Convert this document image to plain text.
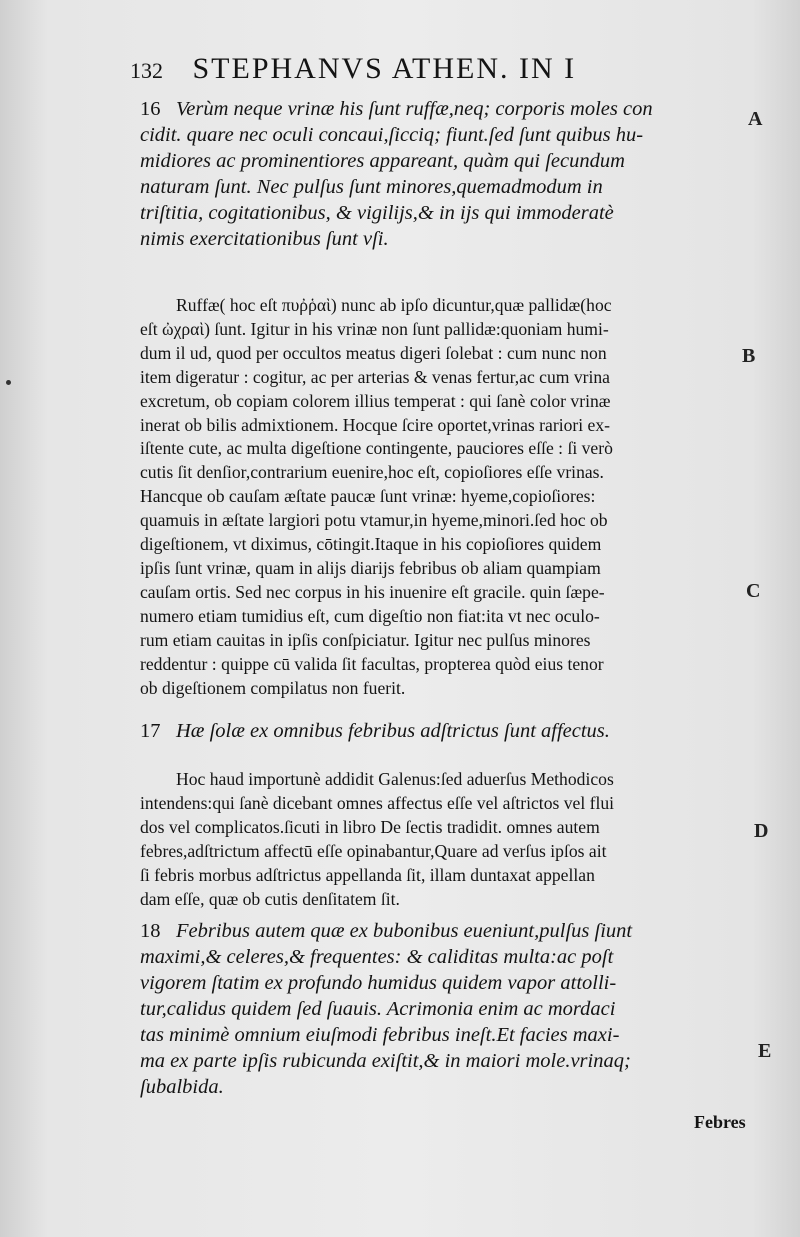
132 STEPHANVS ATHEN. IN I
16 Verùm neque vrinæ his ſunt ruffæ,neq; corporis moles con
cidit. quare nec oculi concaui,ſicciq; fiunt.ſed ſunt quibus hu-
midiores ac prominentiores appareant, quàm qui ſecundum
naturam ſunt. Nec pulſus ſunt minores,quemadmodum in
triſtitia, cogitationibus, & vigilijs,& in ijs qui immoderatè
nimis exercitationibus ſunt vſi.
Ruffæ( hoc eſt πυῤῥαὶ) nunc ab ipſo dicuntur,quæ pallidæ(hoc
eſt ὠχραὶ) ſunt. Igitur in his vrinæ non ſunt pallidæ:quoniam humi-
dum il ud, quod per occultos meatus digeri ſolebat : cum nunc non
item digeratur : cogitur, ac per arterias & venas fertur,ac cum vrina
excretum, ob copiam colorem illius temperat : qui ſanè color vrinæ
inerat ob bilis admixtionem. Hocque ſcire oportet,vrinas rariori ex-
iſtente cute, ac multa digeſtione contingente, pauciores eſſe : ſi verò
cutis ſit denſior,contrarium euenire,hoc eſt, copioſiores eſſe vrinas.
Hancque ob cauſam æſtate paucæ ſunt vrinæ: hyeme,copioſiores:
quamuis in æſtate largiori potu vtamur,in hyeme,minori.ſed hoc ob
digeſtionem, vt diximus, cōtingit.Itaque in his copioſiores quidem
ipſis ſunt vrinæ, quam in alijs diarijs febribus ob aliam quampiam
cauſam ortis. Sed nec corpus in his inuenire eſt gracile. quin ſæpe-
numero etiam tumidius eſt, cum digeſtio non fiat:ita vt nec oculo-
rum etiam cauitas in ipſis conſpiciatur. Igitur nec pulſus minores
reddentur : quippe cū valida ſit facultas, propterea quòd eius tenor
ob digeſtionem compilatus non fuerit.
17 Hæ ſolæ ex omnibus febribus adſtrictus ſunt affectus.
Hoc haud importunè addidit Galenus:ſed aduerſus Methodicos
intendens:qui ſanè dicebant omnes affectus eſſe vel aſtrictos vel flui
dos vel complicatos.ſicuti in libro De ſectis tradidit. omnes autem
febres,adſtrictum affectū eſſe opinabantur,Quare ad verſus ipſos ait
ſi febris morbus adſtrictus appellanda ſit, illam duntaxat appellan
dam eſſe, quæ ob cutis denſitatem ſit.
18 Febribus autem quæ ex bubonibus eueniunt,pulſus ſiunt
maximi,& celeres,& frequentes: & caliditas multa:ac poſt
vigorem ſtatim ex profundo humidus quidem vapor attolli-
tur,calidus quidem ſed ſuauis. Acrimonia enim ac mordaci
tas minimè omnium eiuſmodi febribus ineſt.Et facies maxi-
ma ex parte ipſis rubicunda exiſtit,& in maiori mole.vrinaq;
ſubalbida.
A
B
C
D
E
Febres
